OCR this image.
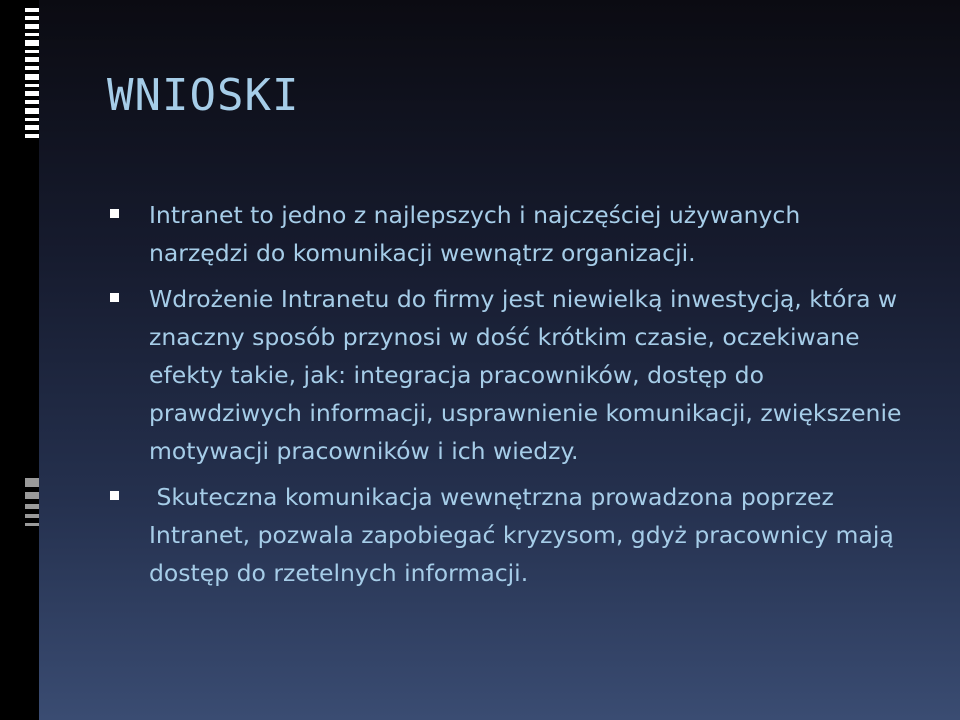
WNIOSKI
Intranet to jedno z najlepszych i najczęściej używanych narzędzi do komunikacji wewnątrz organizacji.
Wdrożenie Intranetu do firmy jest niewielką inwestycją, która w znaczny sposób przynosi w dość krótkim czasie, oczekiwane efekty takie, jak: integracja pracowników, dostęp do prawdziwych informacji, usprawnienie komunikacji, zwiększenie motywacji pracowników i ich wiedzy.
Skuteczna komunikacja wewnętrzna prowadzona poprzez Intranet, pozwala zapobiegać kryzysom, gdyż pracownicy mają dostęp do rzetelnych informacji.
